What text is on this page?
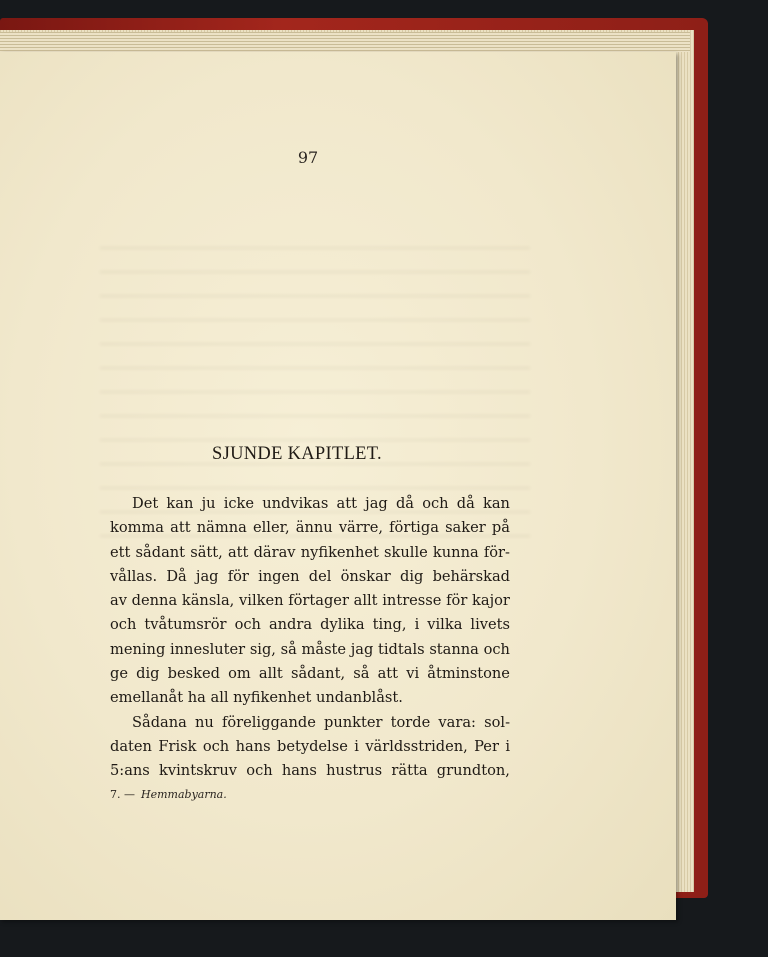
97
SJUNDE KAPITLET.
Det kan ju icke undvikas att jag då och då kan
komma att nämna eller, ännu värre, förtiga saker på
ett sådant sätt, att därav nyfikenhet skulle kunna för-
vållas. Då jag för ingen del önskar dig behärskad
av denna känsla, vilken förtager allt intresse för kajor
och tvåtumsrör och andra dylika ting, i vilka livets
mening innesluter sig, så måste jag tidtals stanna och
ge dig besked om allt sådant, så att vi åtminstone
emellanåt ha all nyfikenhet undanblåst.
Sådana nu föreliggande punkter torde vara: sol-
daten Frisk och hans betydelse i världsstriden, Per i
5:ans kvintskruv och hans hustrus rätta grundton,
7. — Hemmabyarna.
